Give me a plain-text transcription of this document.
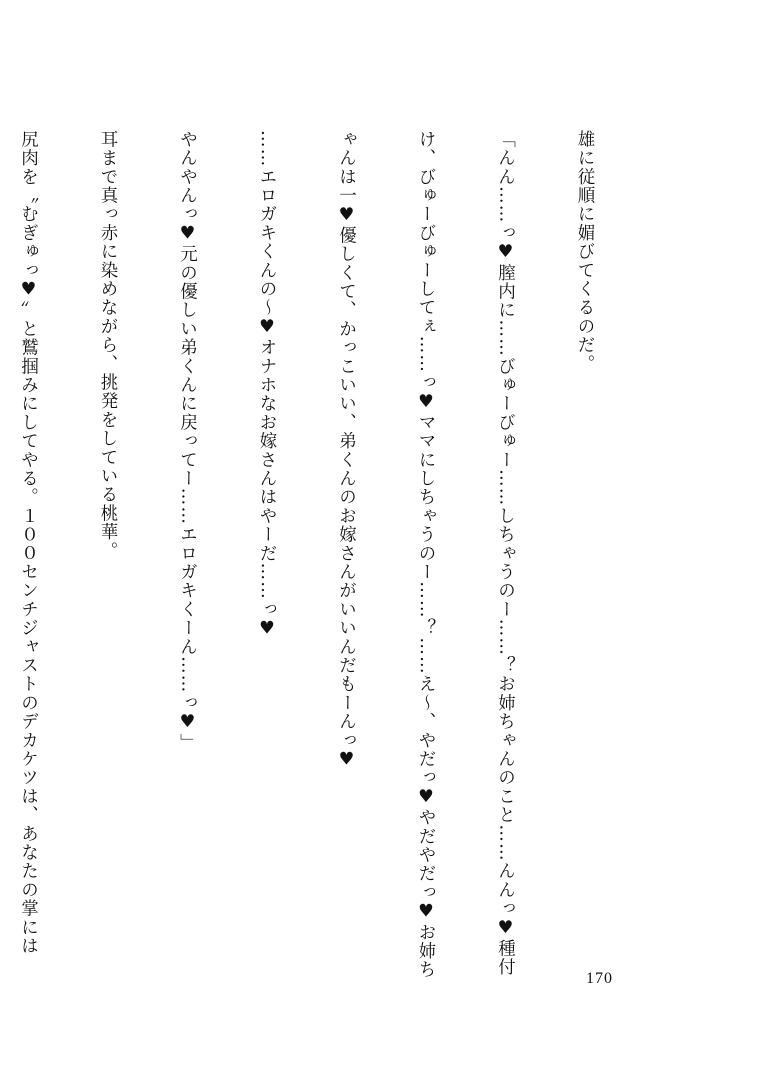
雄に従順に媚びてくるのだ。

「んん……っ♥膣内に……びゅーびゅー……しちゃうのー……？お姉ちゃんのこと……んんっ♥種付

け、びゅーびゅーしてぇ……っ♥ママにしちゃうのー……？……え～、やだっ♥やだやだっ♥お姉ち

ゃんは一♥優しくて、かっこいい、弟くんのお嫁さんがいいんだもーんっ♥

……エロガキくんの～♥オナホなお嫁さんはやーだ……っ♥

やんやんっ♥元の優しい弟くんに戻ってー……エロガキくーん……っ♥」

耳まで真っ赤に染めながら、挑発をしている桃華。

尻肉を〝むぎゅっ♥〟と鷲掴みにしてやる。１００センチジャストのデカケツは、あなたの掌には

170
